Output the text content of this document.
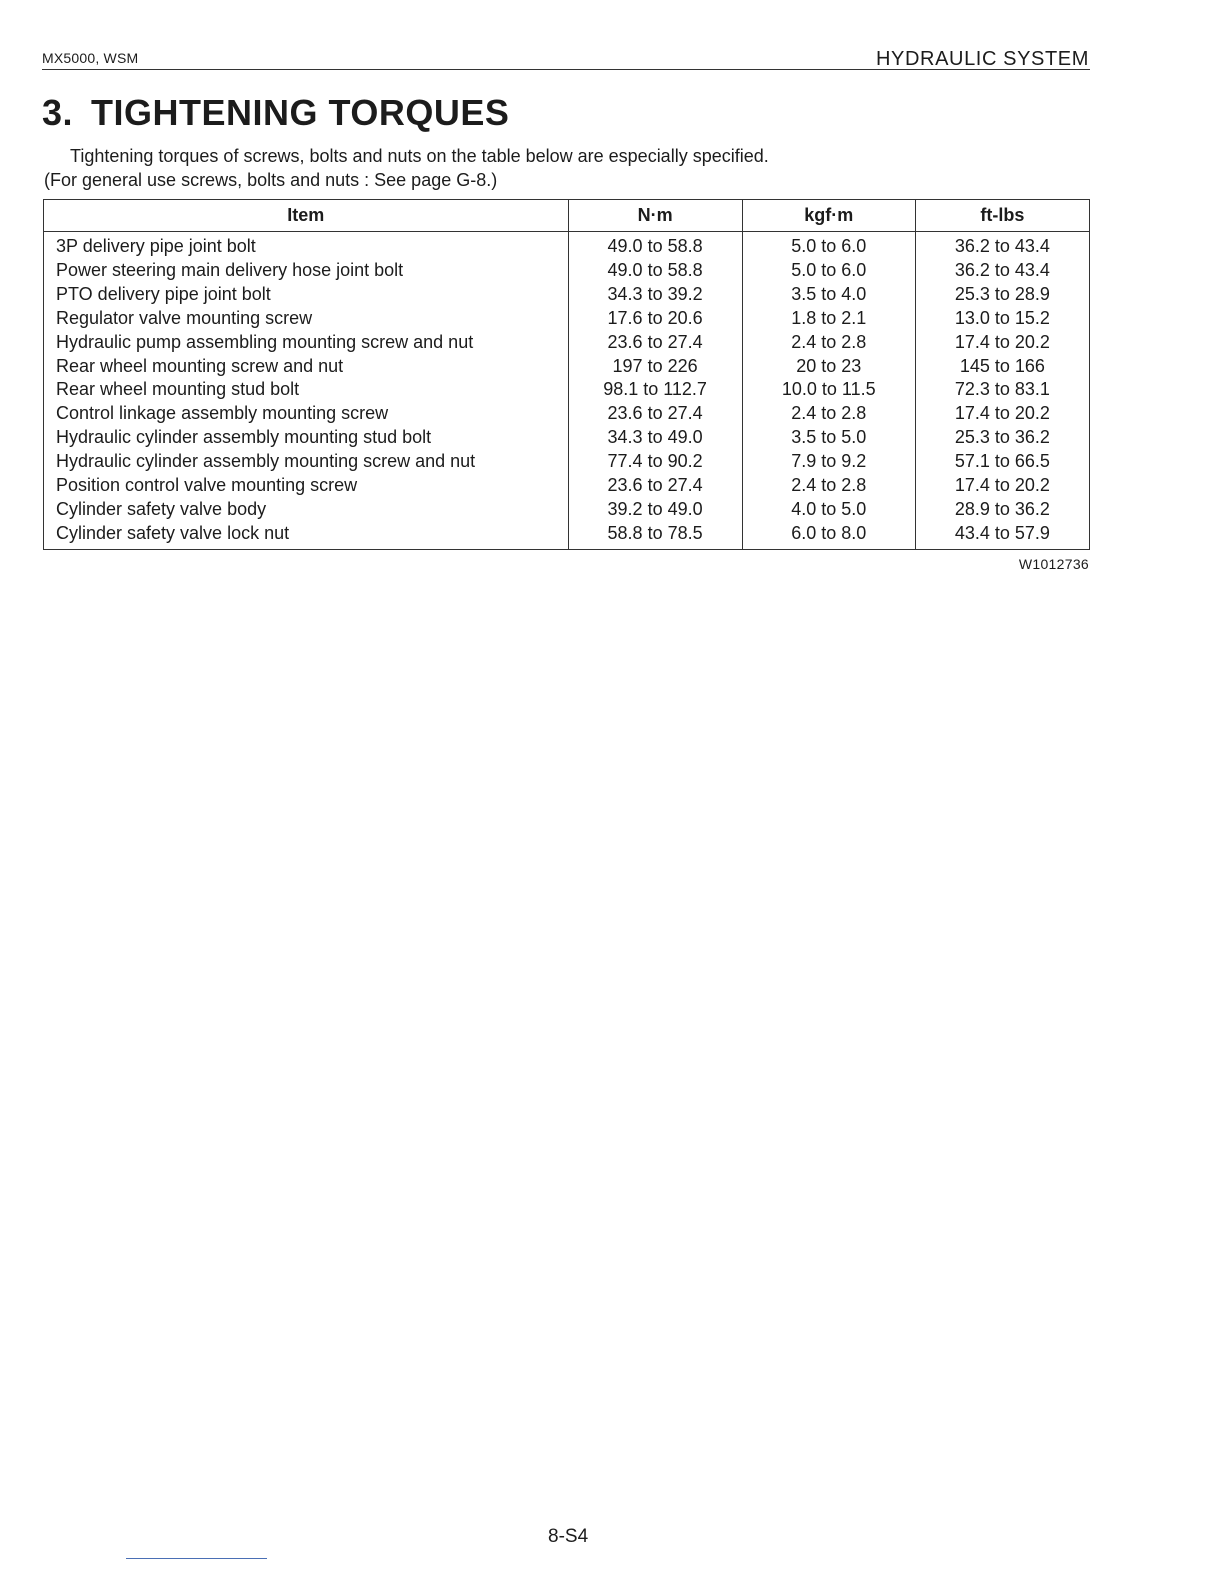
MX5000, WSM	HYDRAULIC SYSTEM
3. TIGHTENING TORQUES
Tightening torques of screws, bolts and nuts on the table below are especially specified.
(For general use screws, bolts and nuts : See page G-8.)
Item	N·m	kgf·m	ft-lbs
3P delivery pipe joint bolt	49.0 to 58.8	5.0 to 6.0	36.2 to 43.4
Power steering main delivery hose joint bolt	49.0 to 58.8	5.0 to 6.0	36.2 to 43.4
PTO delivery pipe joint bolt	34.3 to 39.2	3.5 to 4.0	25.3 to 28.9
Regulator valve mounting screw	17.6 to 20.6	1.8 to 2.1	13.0 to 15.2
Hydraulic pump assembling mounting screw and nut	23.6 to 27.4	2.4 to 2.8	17.4 to 20.2
Rear wheel mounting screw and nut	197 to 226	20 to 23	145 to 166
Rear wheel mounting stud bolt	98.1 to 112.7	10.0 to 11.5	72.3 to 83.1
Control linkage assembly mounting screw	23.6 to 27.4	2.4 to 2.8	17.4 to 20.2
Hydraulic cylinder assembly mounting stud bolt	34.3 to 49.0	3.5 to 5.0	25.3 to 36.2
Hydraulic cylinder assembly mounting screw and nut	77.4 to 90.2	7.9 to 9.2	57.1 to 66.5
Position control valve mounting screw	23.6 to 27.4	2.4 to 2.8	17.4 to 20.2
Cylinder safety valve body	39.2 to 49.0	4.0 to 5.0	28.9 to 36.2
Cylinder safety valve lock nut	58.8 to 78.5	6.0 to 8.0	43.4 to 57.9
W1012736
8-S4
